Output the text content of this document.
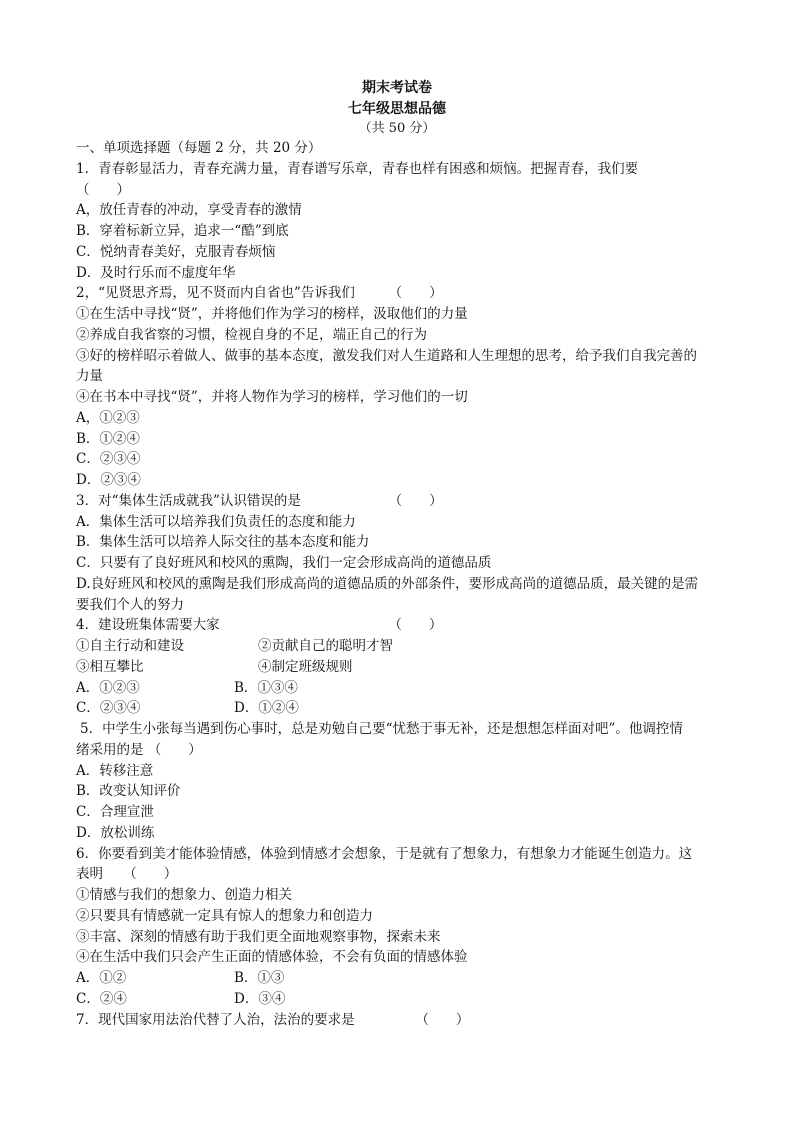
期末考试卷
七年级思想品德
（共 50 分）
一、单项选择题（每题 2 分，共 20 分）
1．青春彰显活力，青春充满力量，青春谱写乐章，青春也样有困惑和烦恼。把握青春，我们要
（　　）
A，放任青春的冲动，享受青春的激情
B．穿着标新立异，追求一“酷”到底
C．悦纳青春美好，克服青春烦恼
D．及时行乐而不虚度年华
2，“见贤思齐焉，见不贤而内自省也”告诉我们　　　（　　）
①在生活中寻找“贤”，并将他们作为学习的榜样，汲取他们的力量
②养成自我省察的习惯，检视自身的不足，端正自己的行为
③好的榜样昭示着做人、做事的基本态度，激发我们对人生道路和人生理想的思考，给予我们自我完善的
力量
④在书本中寻找“贤”，并将人物作为学习的榜样，学习他们的一切
A，①②③
B．①②④
C．②③④
D．②③④
3．对“集体生活成就我”认识错误的是　　　　　　　（　　）
A．集体生活可以培养我们负责任的态度和能力
B．集体生活可以培养人际交往的基本态度和能力
C．只要有了良好班风和校风的熏陶，我们一定会形成高尚的道德品质
D.良好班风和校风的熏陶是我们形成高尚的道德品质的外部条件，要形成高尚的道德品质，最关键的是需
要我们个人的努力
4．建设班集体需要大家　　　　　　　　　　　　　（　　）
①自主行动和建设	②贡献自己的聪明才智
③相互攀比	④制定班级规则
A．①②③	B．①③④
C．②③④	D．①②④
5．中学生小张每当遇到伤心事时，总是劝勉自己要“忧愁于事无补，还是想想怎样面对吧”。他调控情
绪采用的是 （　　）
A．转移注意
B．改变认知评价
C．合理宣泄
D．放松训练
6．你要看到美才能体验情感，体验到情感才会想象，于是就有了想象力，有想象力才能诞生创造力。这
表明　　（　　）
①情感与我们的想象力、创造力相关
②只要具有情感就一定具有惊人的想象力和创造力
③丰富、深刻的情感有助于我们更全面地观察事物，探索未来
④在生活中我们只会产生正面的情感体验，不会有负面的情感体验
A．①②	B．①③
C．②④	D．③④
7．现代国家用法治代替了人治，法治的要求是　　　　　（　　）
